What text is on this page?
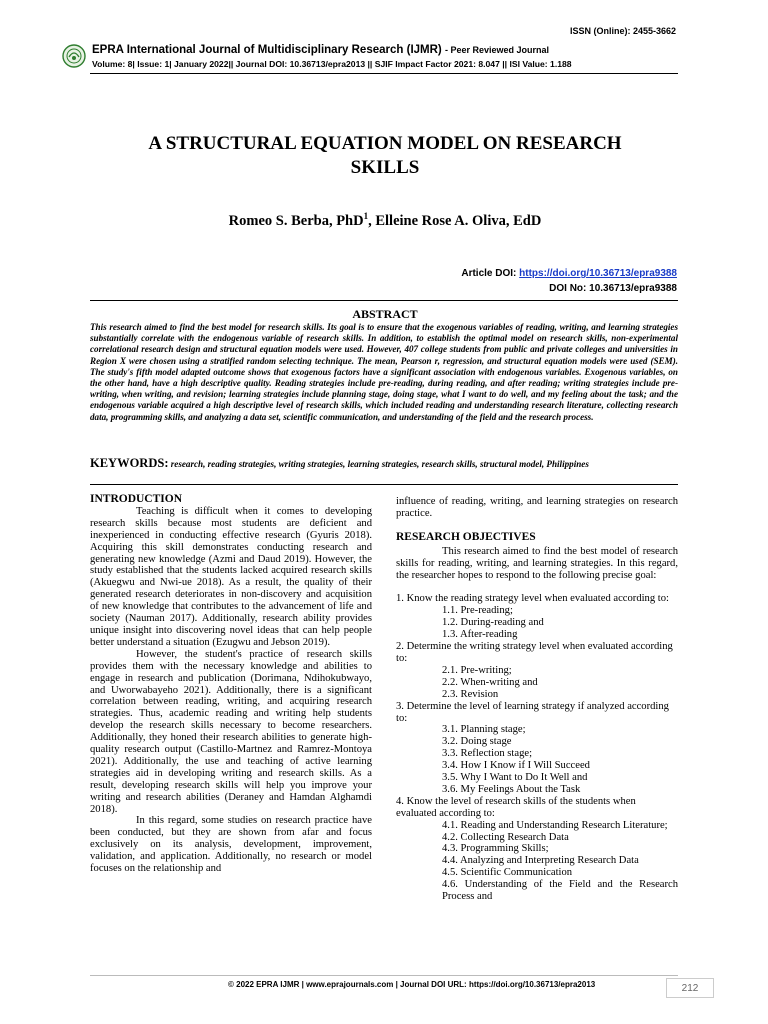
ISSN (Online): 2455-3662
EPRA International Journal of Multidisciplinary Research (IJMR) - Peer Reviewed Journal
Volume: 8| Issue: 1| January 2022|| Journal DOI: 10.36713/epra2013 || SJIF Impact Factor 2021: 8.047 || ISI Value: 1.188
A STRUCTURAL EQUATION MODEL ON RESEARCH
SKILLS
Romeo S. Berba, PhD$^1$, Elleine Rose A. Oliva, EdD
Article DOI: https://doi.org/10.36713/epra9388
DOI No: 10.36713/epra9388
ABSTRACT
This research aimed to find the best model for research skills. Its goal is to ensure that the exogenous variables of reading, writing, and learning strategies substantially correlate with the endogenous variable of research skills. In addition, to establish the optimal model on research skills, non-experimental correlational research design and structural equation models were used. However, 407 college students from public and private colleges and universities in Region X were chosen using a stratified random selecting technique. The mean, Pearson r, regression, and structural equation models were used (SEM). The study's fifth model adapted outcome shows that exogenous factors have a significant association with endogenous variables. Exogenous variables, on the other hand, have a high descriptive quality. Reading strategies include pre-reading, during reading, and after reading; writing strategies include pre-writing, when writing, and revision; learning strategies include planning stage, doing stage, what I want to do well, and my feeling about the task; and the endogenous variable acquired a high descriptive level of research skills, which included reading and understanding research literature, collecting research data, programming skills, and analyzing a data set, scientific communication, and understanding of the field and the research process.
KEYWORDS: research, reading strategies, writing strategies, learning strategies, research skills, structural model, Philippines
INTRODUCTION

Teaching is difficult when it comes to developing research skills because most students are deficient and inexperienced in conducting effective research (Gyuris 2018). Acquiring this skill demonstrates conducting research and generating new knowledge (Azmi and Daud 2019). However, the study established that the students lacked acquired research skills (Akuegwu and Nwi-ue 2018). As a result, the quality of their generated research deteriorates in non-discovery and acquisition of new knowledge that contributes to the advancement of life and society (Nauman 2017). Additionally, research ability provides unique insight into discovering novel ideas that can help people better understand a situation (Ezugwu and Jebson 2019).

However, the student's practice of research skills provides them with the necessary knowledge and abilities to engage in research and publication (Dorimana, Ndihokubwayo, and Uworwabayeho 2021). Additionally, there is a significant correlation between reading, writing, and acquiring research strategies. Thus, academic reading and writing help students develop the research skills necessary to become researchers. Additionally, they honed their research abilities to generate high-quality research output (Castillo-Martnez and Ramrez-Montoya 2021). Additionally, the use and teaching of active learning strategies aid in developing writing and research skills. As a result, developing research skills will help you improve your writing and research abilities (Deraney and Hamdan Alghamdi 2018).

In this regard, some studies on research practice have been conducted, but they are shown from afar and focus exclusively on its analysis, development, improvement, validation, and application. Additionally, no research or model focuses on the relationship and

influence of reading, writing, and learning strategies on research practice.

RESEARCH OBJECTIVES

This research aimed to find the best model of research skills for reading, writing, and learning strategies. In this regard, the researcher hopes to respond to the following precise goal:

1. Know the reading strategy level when evaluated according to:

1.1. Pre-reading;

1.2. During-reading and

1.3. After-reading

2. Determine the writing strategy level when evaluated according to:

2.1. Pre-writing;

2.2. When-writing and

2.3. Revision

3. Determine the level of learning strategy if analyzed according to:

3.1. Planning stage;

3.2. Doing stage

3.3. Reflection stage;

3.4. How I Know if I Will Succeed

3.5. Why I Want to Do It Well and

3.6. My Feelings About the Task

4. Know the level of research skills of the students when evaluated according to:

4.1. Reading and Understanding Research Literature;

4.2. Collecting Research Data

4.3. Programming Skills;

4.4. Analyzing and Interpreting Research Data

4.5. Scientific Communication

4.6. Understanding of the Field and the Research Process and

© 2022 EPRA IJMR | www.eprajournals.com | Journal DOI URL: https://doi.org/10.36713/epra2013	212
